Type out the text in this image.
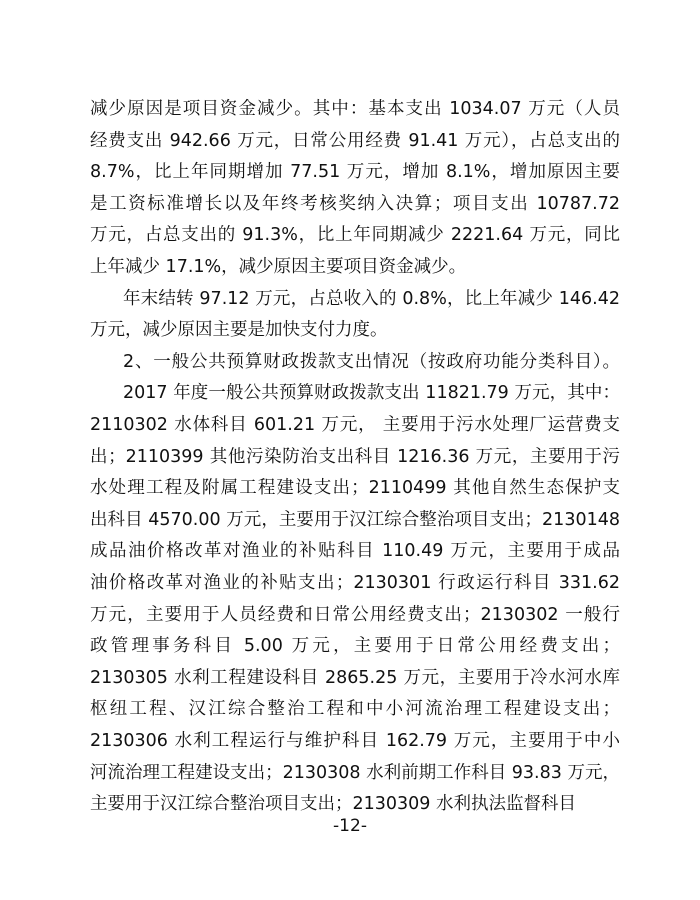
减少原因是项目资金减少。其中：基本支出 1034.07 万元（人员
经费支出 942.66 万元，日常公用经费 91.41 万元），占总支出的
8.7%，比上年同期增加 77.51 万元，增加 8.1%，增加原因主要
是工资标准增长以及年终考核奖纳入决算；项目支出 10787.72
万元，占总支出的 91.3%，比上年同期减少 2221.64 万元，同比
上年减少 17.1%，减少原因主要项目资金减少。
年末结转 97.12 万元，占总收入的 0.8%，比上年减少 146.42
万元，减少原因主要是加快支付力度。
2、一般公共预算财政拨款支出情况（按政府功能分类科目）。
2017 年度一般公共预算财政拨款支出 11821.79 万元，其中：
2110302 水体科目 601.21 万元， 主要用于污水处理厂运营费支
出；2110399 其他污染防治支出科目 1216.36 万元，主要用于污
水处理工程及附属工程建设支出；2110499 其他自然生态保护支
出科目 4570.00 万元，主要用于汉江综合整治项目支出；2130148
成品油价格改革对渔业的补贴科目 110.49 万元，主要用于成品
油价格改革对渔业的补贴支出；2130301 行政运行科目 331.62
万元，主要用于人员经费和日常公用经费支出；2130302 一般行
政管理事务科目 5.00 万元，主要用于日常公用经费支出；
2130305 水利工程建设科目 2865.25 万元，主要用于冷水河水库
枢纽工程、汉江综合整治工程和中小河流治理工程建设支出；
2130306 水利工程运行与维护科目 162.79 万元，主要用于中小
-12-
河流治理工程建设支出；2130308 水利前期工作科目 93.83 万元，
主要用于汉江综合整治项目支出；2130309 水利执法监督科目
